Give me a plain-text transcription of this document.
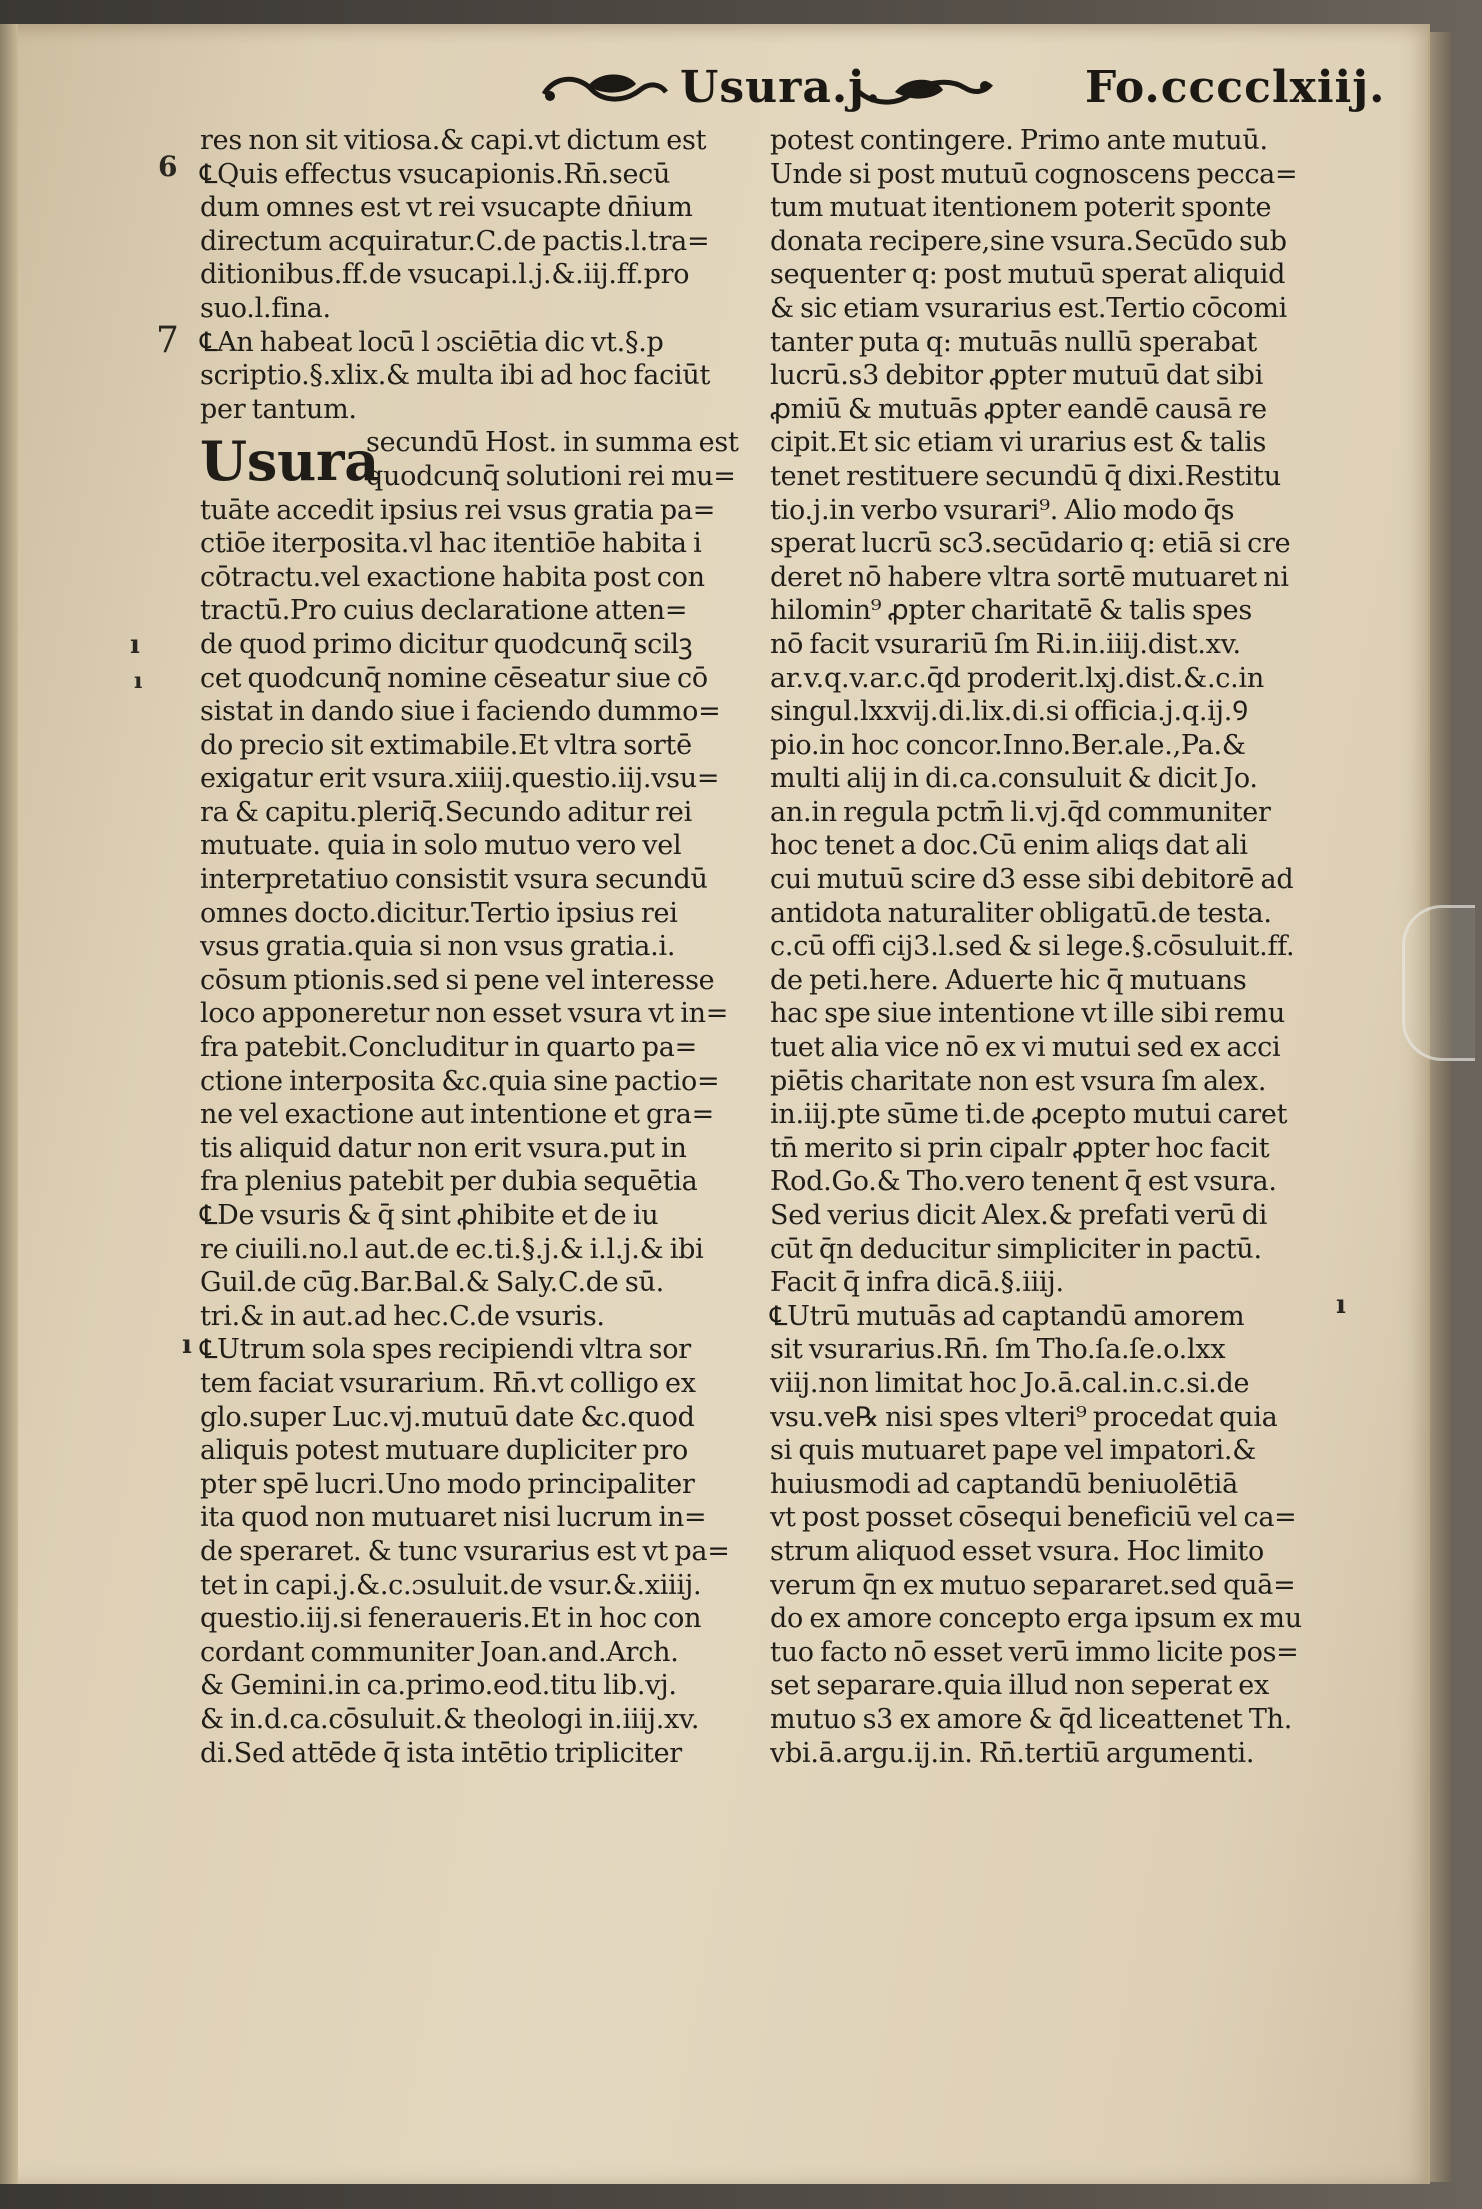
Usura.j.	Fo.cccclxiij.
6
7
ı
ı
ı
ı
res non sit vitiosa.& capi.vt dictum est
℄Quis effectus vsucapionis.Rn̄.secū
dum omnes est vt rei vsucapte dn̄ium
directum acquiratur.C.de pactis.l.tra=
ditionibus.ff.de vsucapi.l.j.&.iij.ff.pro
suo.l.fina.
℄An habeat locū l ɔsciētia dic vt.§.p
scriptio.§.xlix.& multa ibi ad hoc faciūt
per tantum.
Usura
secundū Host. in summa est
quodcunq̄ solutioni rei mu=
tuāte accedit ipsius rei vsus gratia pa=
ctiōe iterposita.vl hac itentiōe habita i
cōtractu.vel exactione habita post con
tractū.Pro cuius declaratione atten=
de quod primo dicitur quodcunq̄ scilꝫ
cet quodcunq̄ nomine cēseatur siue cō
sistat in dando siue i faciendo dummo=
do precio sit extimabile.Et vltra sortē
exigatur erit vsura.xiiij.questio.iij.vsu=
ra & capitu.pleriq̄.Secundo aditur rei
mutuate. quia in solo mutuo vero vel
interpretatiuo consistit vsura secundū
omnes docto.dicitur.Tertio ipsius rei
vsus gratia.quia si non vsus gratia.i.
cōsum ptionis.sed si pene vel interesse
loco apponeretur non esset vsura vt in=
fra patebit.Concluditur in quarto pa=
ctione interposita &c.quia sine pactio=
ne vel exactione aut intentione et gra=
tis aliquid datur non erit vsura.put in
fra plenius patebit per dubia sequētia
℄De vsuris & q̄ sint ꝓhibite et de iu
re ciuili.no.l aut.de ec.ti.§.j.& i.l.j.& ibi
Guil.de cūg.Bar.Bal.& Saly.C.de sū.
tri.& in aut.ad hec.C.de vsuris.
℄Utrum sola spes recipiendi vltra sor
tem faciat vsurarium. Rn̄.vt colligo ex
glo.super Luc.vj.mutuū date &c.quod
aliquis potest mutuare dupliciter pro
pter spē lucri.Uno modo principaliter
ita quod non mutuaret nisi lucrum in=
de speraret. & tunc vsurarius est vt pa=
tet in capi.j.&.c.ɔsuluit.de vsur.&.xiiij.
questio.iij.si feneraueris.Et in hoc con
cordant communiter Joan.and.Arch.
& Gemini.in ca.primo.eod.titu lib.vj.
& in.d.ca.cōsuluit.& theologi in.iiij.xv.
di.Sed attēde q̄ ista intētio tripliciter
potest contingere. Primo ante mutuū.
Unde si post mutuū cognoscens pecca=
tum mutuat itentionem poterit sponte
donata recipere,sine vsura.Secūdo sub
sequenter q: post mutuū sperat aliquid
& sic etiam vsurarius est.Tertio cōcomi
tanter puta q: mutuās nullū sperabat
lucrū.s3 debitor ꝓpter mutuū dat sibi
ꝓmiū & mutuās ꝓpter eandē causā re
cipit.Et sic etiam vi urarius est & talis
tenet restituere secundū q̄ dixi.Restitu
tio.j.in verbo vsurari⁹. Alio modo q̄s
sperat lucrū sc3.secūdario q: etiā si cre
deret nō habere vltra sortē mutuaret ni
hilomin⁹ ꝓpter charitatē & talis spes
nō facit vsurariū ſm Ri.in.iiij.dist.xv.
ar.v.q.v.ar.c.q̄d proderit.lxj.dist.&.c.in
singul.lxxvij.di.lix.di.si officia.j.q.ij.Ꝯ
pio.in hoc concor.Inno.Ber.ale.,Pa.&
multi alij in di.ca.consuluit & dicit Jo.
an.in regula pctm̄ li.vj.q̄d communiter
hoc tenet a doc.Cū enim aliqs dat ali
cui mutuū scire d3 esse sibi debitorē ad
antidota naturaliter obligatū.de testa.
c.cū offi cij3.l.sed & si lege.§.cōsuluit.ff.
de peti.here. Aduerte hic q̄ mutuans
hac spe siue intentione vt ille sibi remu
tuet alia vice nō ex vi mutui sed ex acci
piētis charitate non est vsura ſm alex.
in.iij.pte sūme ti.de ꝓcepto mutui caret
tn̄ merito si prin cipalr ꝓpter hoc facit
Rod.Go.& Tho.vero tenent q̄ est vsura.
Sed verius dicit Alex.& prefati verū di
cūt q̄n deducitur simpliciter in pactū.
Facit q̄ infra dicā.§.iiij.
℄Utrū mutuās ad captandū amorem
sit vsurarius.Rn̄. ſm Tho.ſa.ſe.o.lxx
viij.non limitat hoc Jo.ā.cal.in.c.si.de
vsu.ve℞ nisi spes vlteri⁹ procedat quia
si quis mutuaret pape vel impatori.&
huiusmodi ad captandū beniuolētiā
vt post posset cōsequi beneficiū vel ca=
strum aliquod esset vsura. Hoc limito
verum q̄n ex mutuo separaret.sed quā=
do ex amore concepto erga ipsum ex mu
tuo facto nō esset verū immo licite pos=
set separare.quia illud non seperat ex
mutuo s3 ex amore & q̄d liceattenet Th.
vbi.ā.argu.ij.in. Rn̄.tertiū argumenti.
